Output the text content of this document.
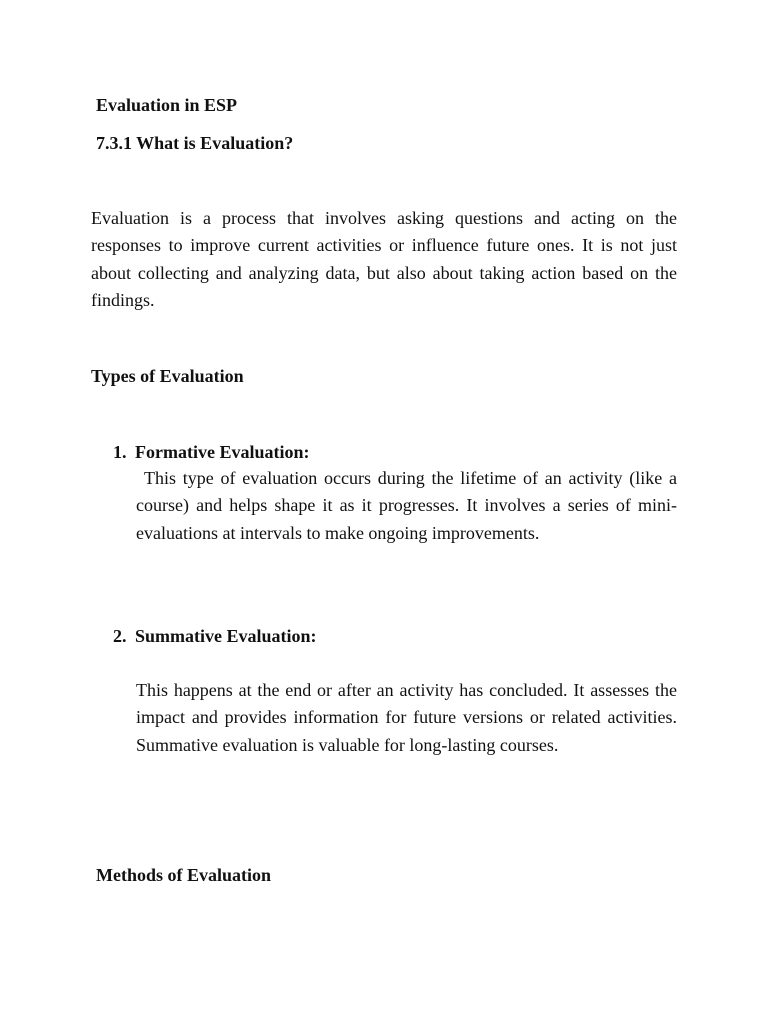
Evaluation in ESP
7.3.1 What is Evaluation?

Evaluation is a process that involves asking questions and acting on the responses to improve current activities or influence future ones. It is not just about collecting and analyzing data, but also about taking action based on the findings.

Types of Evaluation
1. Formative Evaluation:

This type of evaluation occurs during the lifetime of an activity (like a course) and helps shape it as it progresses. It involves a series of mini-evaluations at intervals to make ongoing improvements.

2. Summative Evaluation:

This happens at the end or after an activity has concluded. It assesses the impact and provides information for future versions or related activities. Summative evaluation is valuable for long-lasting courses.

Methods of Evaluation
